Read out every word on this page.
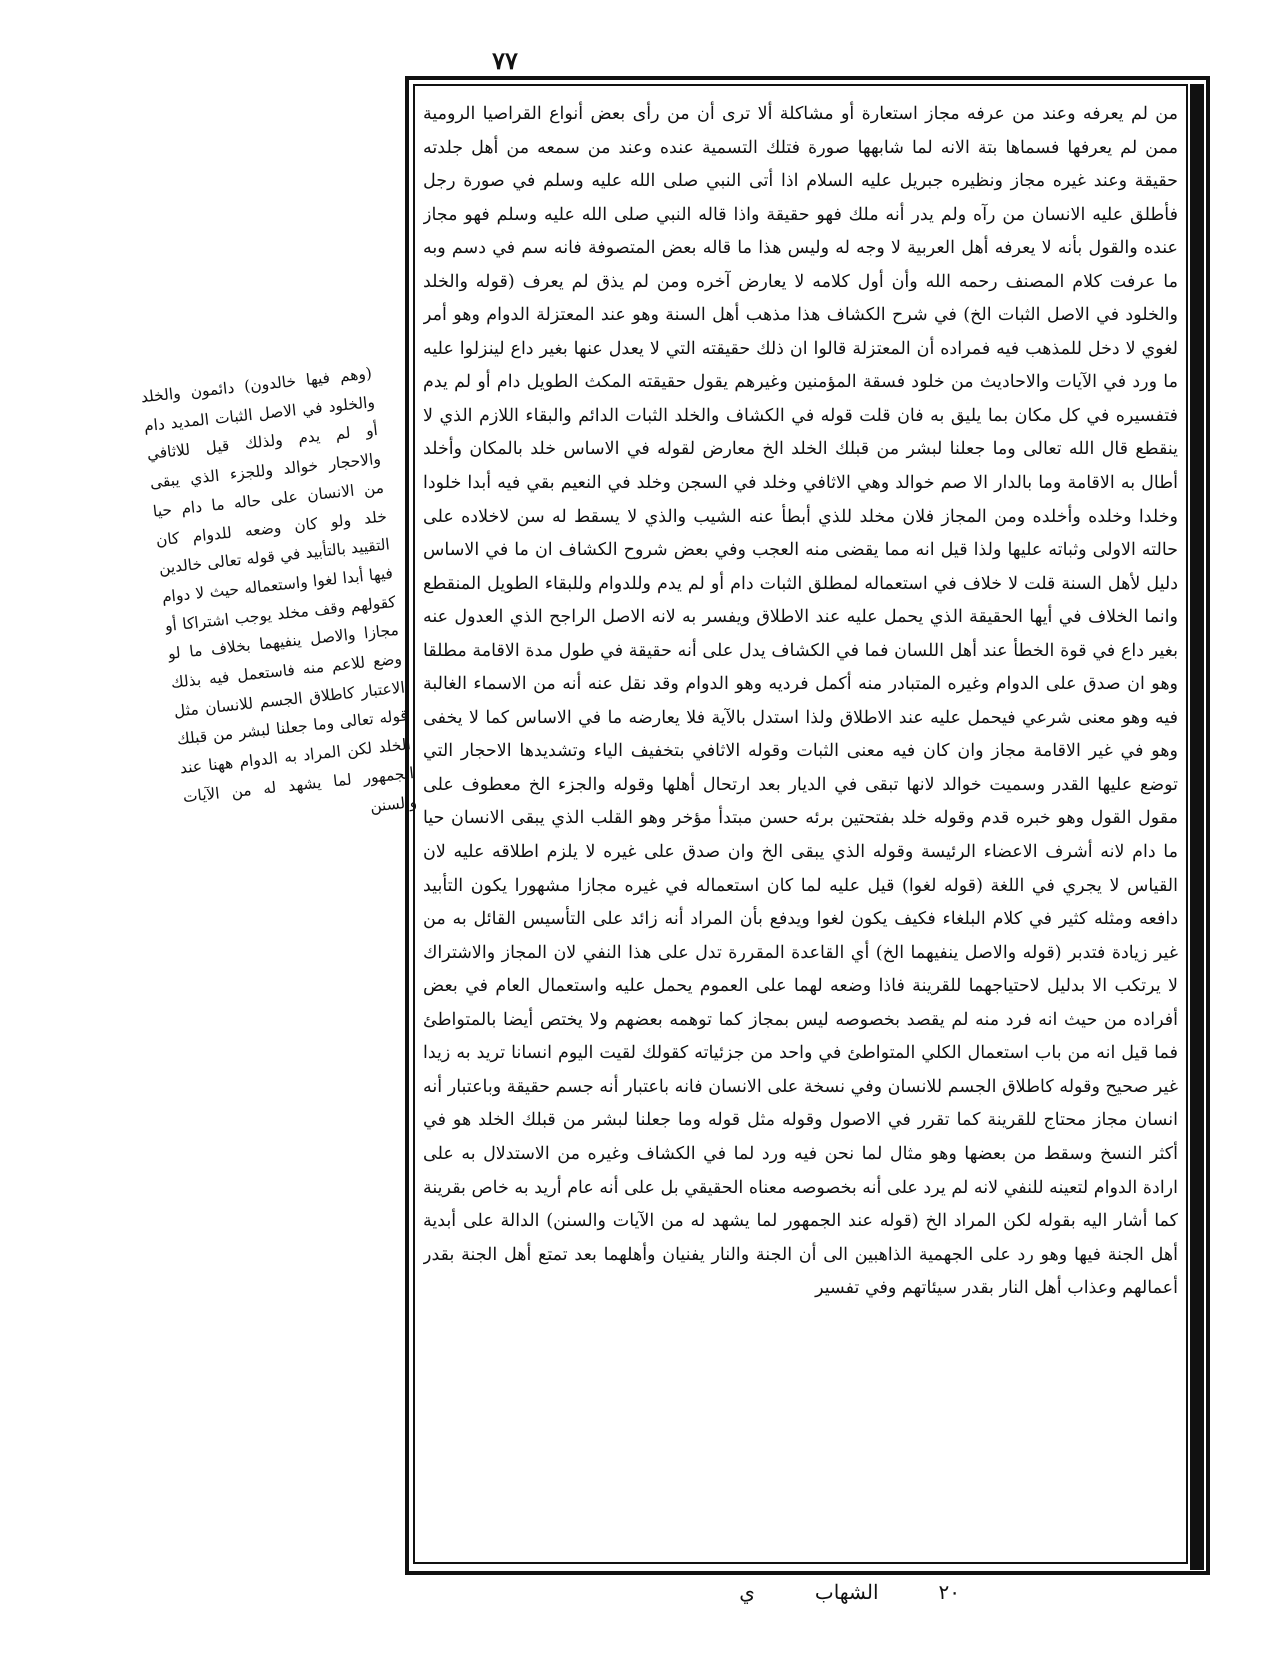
٧٧

من لم يعرفه وعند من عرفه مجاز استعارة أو مشاكلة ألا ترى أن من رأى بعض أنواع القراصيا الرومية ممن لم يعرفها فسماها بتة الانه لما شابهها صورة فتلك التسمية عنده وعند من سمعه من أهل جلدته حقيقة وعند غيره مجاز ونظيره جبريل عليه السلام اذا أتى النبي صلى الله عليه وسلم في صورة رجل فأطلق عليه الانسان من رآه ولم يدر أنه ملك فهو حقيقة واذا قاله النبي صلى الله عليه وسلم فهو مجاز عنده والقول بأنه لا يعرفه أهل العربية لا وجه له وليس هذا ما قاله بعض المتصوفة فانه سم في دسم وبه ما عرفت كلام المصنف رحمه الله وأن أول كلامه لا يعارض آخره ومن لم يذق لم يعرف (قوله والخلد والخلود في الاصل الثبات الخ) في شرح الكشاف هذا مذهب أهل السنة وهو عند المعتزلة الدوام وهو أمر لغوي لا دخل للمذهب فيه فمراده أن المعتزلة قالوا ان ذلك حقيقته التي لا يعدل عنها بغير داع لينزلوا عليه ما ورد في الآيات والاحاديث من خلود فسقة المؤمنين وغيرهم يقول حقيقته المكث الطويل دام أو لم يدم فتفسيره في كل مكان بما يليق به فان قلت قوله في الكشاف والخلد الثبات الدائم والبقاء اللازم الذي لا ينقطع قال الله تعالى وما جعلنا لبشر من قبلك الخلد الخ معارض لقوله في الاساس خلد بالمكان وأخلد أطال به الاقامة وما بالدار الا صم خوالد وهي الاثافي وخلد في السجن وخلد في النعيم بقي فيه أبدا خلودا وخلدا وخلده وأخلده ومن المجاز فلان مخلد للذي أبطأ عنه الشيب والذي لا يسقط له سن لاخلاده على حالته الاولى وثباته عليها ولذا قيل انه مما يقضى منه العجب وفي بعض شروح الكشاف ان ما في الاساس دليل لأهل السنة قلت لا خلاف في استعماله لمطلق الثبات دام أو لم يدم وللدوام وللبقاء الطويل المنقطع وانما الخلاف في أيها الحقيقة الذي يحمل عليه عند الاطلاق ويفسر به لانه الاصل الراجح الذي العدول عنه بغير داع في قوة الخطأ عند أهل اللسان فما في الكشاف يدل على أنه حقيقة في طول مدة الاقامة مطلقا وهو ان صدق على الدوام وغيره المتبادر منه أكمل فرديه وهو الدوام وقد نقل عنه أنه من الاسماء الغالبة فيه وهو معنى شرعي فيحمل عليه عند الاطلاق ولذا استدل بالآية فلا يعارضه ما في الاساس كما لا يخفى وهو في غير الاقامة مجاز وان كان فيه معنى الثبات وقوله الاثافي بتخفيف الياء وتشديدها الاحجار التي توضع عليها القدر وسميت خوالد لانها تبقى في الديار بعد ارتحال أهلها وقوله والجزء الخ معطوف على مقول القول وهو خبره قدم وقوله خلد بفتحتين برئه حسن مبتدأ مؤخر وهو القلب الذي يبقى الانسان حيا ما دام لانه أشرف الاعضاء الرئيسة وقوله الذي يبقى الخ وان صدق على غيره لا يلزم اطلاقه عليه لان القياس لا يجري في اللغة (قوله لغوا) قيل عليه لما كان استعماله في غيره مجازا مشهورا يكون التأبيد دافعه ومثله كثير في كلام البلغاء فكيف يكون لغوا ويدفع بأن المراد أنه زائد على التأسيس القائل به من غير زيادة فتدبر (قوله والاصل ينفيهما الخ) أي القاعدة المقررة تدل على هذا النفي لان المجاز والاشتراك لا يرتكب الا بدليل لاحتياجهما للقرينة فاذا وضعه لهما على العموم يحمل عليه واستعمال العام في بعض أفراده من حيث انه فرد منه لم يقصد بخصوصه ليس بمجاز كما توهمه بعضهم ولا يختص أيضا بالمتواطئ فما قيل انه من باب استعمال الكلي المتواطئ في واحد من جزئياته كقولك لقيت اليوم انسانا تريد به زيدا غير صحيح وقوله كاطلاق الجسم للانسان وفي نسخة على الانسان فانه باعتبار أنه جسم حقيقة وباعتبار أنه انسان مجاز محتاج للقرينة كما تقرر في الاصول وقوله مثل قوله وما جعلنا لبشر من قبلك الخلد هو في أكثر النسخ وسقط من بعضها وهو مثال لما نحن فيه ورد لما في الكشاف وغيره من الاستدلال به على ارادة الدوام لتعينه للنفي لانه لم يرد على أنه بخصوصه معناه الحقيقي بل على أنه عام أريد به خاص بقرينة كما أشار اليه بقوله لكن المراد الخ (قوله عند الجمهور لما يشهد له من الآيات والسنن) الدالة على أبدية أهل الجنة فيها وهو رد على الجهمية الذاهبين الى أن الجنة والنار يفنيان وأهلهما بعد تمتع أهل الجنة بقدر أعمالهم وعذاب أهل النار بقدر سيئاتهم وفي تفسير

(وهم فيها خالدون) دائمون والخلد والخلود في الاصل الثبات المديد دام أو لم يدم ولذلك قيل للاثافي والاحجار خوالد وللجزء الذي يبقى من الانسان على حاله ما دام حيا خلد ولو كان وضعه للدوام كان التقييد بالتأبيد في قوله تعالى خالدين فيها أبدا لغوا واستعماله حيث لا دوام كقولهم وقف مخلد يوجب اشتراكا أو مجازا والاصل ينفيهما بخلاف ما لو وضع للاعم منه فاستعمل فيه بذلك الاعتبار كاطلاق الجسم للانسان مثل قوله تعالى وما جعلنا لبشر من قبلك الخلد لكن المراد به الدوام ههنا عند الجمهور لما يشهد له من الآيات والسنن

٢٠
الشهاب
ي
